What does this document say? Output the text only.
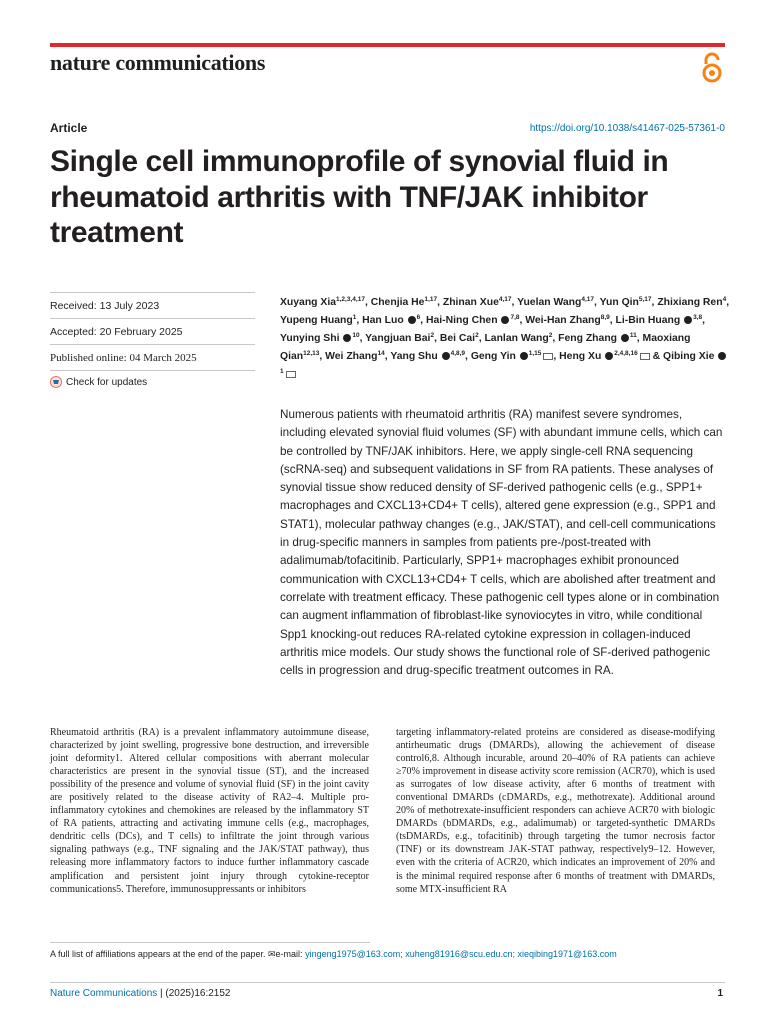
nature communications
Article	https://doi.org/10.1038/s41467-025-57361-0
Single cell immunoprofile of synovial fluid in rheumatoid arthritis with TNF/JAK inhibitor treatment
Received: 13 July 2023
Accepted: 20 February 2025
Published online: 04 March 2025
Check for updates
Xuyang Xia$^{1,2,3,4,17}$, Chenjia He$^{1,17}$, Zhinan Xue$^{4,17}$, Yuelan Wang$^{4,17}$, Yun Qin$^{5,17}$, Zhixiang Ren$^4$, Yupeng Huang$^1$, Han Luo $^6$, Hai-Ning Chen $^{7,8}$, Wei-Han Zhang$^{8,9}$, Li-Bin Huang $^{3,8}$, Yunying Shi $^{10}$, Yangjuan Bai$^2$, Bei Cai$^2$, Lanlan Wang$^2$, Feng Zhang $^{11}$, Maoxiang Qian$^{12,13}$, Wei Zhang$^{14}$, Yang Shu $^{4,8,9}$, Geng Yin $^{1,15}$ , Heng Xu $^{2,4,8,16}$ & Qibing Xie $^1$

Numerous patients with rheumatoid arthritis (RA) manifest severe syndromes, including elevated synovial fluid volumes (SF) with abundant immune cells, which can be controlled by TNF/JAK inhibitors. Here, we apply single-cell RNA sequencing (scRNA-seq) and subsequent validations in SF from RA patients. These analyses of synovial tissue show reduced density of SF-derived pathogenic cells (e.g., SPP1+ macrophages and CXCL13+CD4+ T cells), altered gene expression (e.g., SPP1 and STAT1), molecular pathway changes (e.g., JAK/STAT), and cell-cell communications in drug-specific manners in samples from patients pre-/post-treated with adalimumab/tofacitinib. Particularly, SPP1+ macrophages exhibit pronounced communication with CXCL13+CD4+ T cells, which are abolished after treatment and correlate with treatment efficacy. These pathogenic cell types alone or in combination can augment inflammation of fibroblast-like synoviocytes in vitro, while conditional Spp1 knocking-out reduces RA-related cytokine expression in collagen-induced arthritis mice models. Our study shows the functional role of SF-derived pathogenic cells in progression and drug-specific treatment outcomes in RA.

Rheumatoid arthritis (RA) is a prevalent inflammatory autoimmune disease, characterized by joint swelling, progressive bone destruction, and irreversible joint deformity1. Altered cellular compositions with aberrant molecular characteristics are present in the synovial tissue (ST), and the increased possibility of the presence and volume of synovial fluid (SF) in the joint cavity are positively related to the disease activity of RA2–4. Multiple pro-inflammatory cytokines and chemokines are released by the inflammatory ST of RA patients, attracting and activating immune cells (e.g., macrophages, dendritic cells (DCs), and T cells) to infiltrate the joint through various signaling pathways (e.g., TNF signaling and the JAK/STAT pathway), thus releasing more inflammatory factors to induce further inflammatory cascade amplification and persistent joint injury through cytokine-receptor communications5. Therefore, immunosuppressants or inhibitors

targeting inflammatory-related proteins are considered as disease-modifying antirheumatic drugs (DMARDs), allowing the achievement of disease control6,8. Although incurable, around 20–40% of RA patients can achieve ≥70% improvement in disease activity score remission (ACR70), which is used as surrogates of low disease activity, after 6 months of treatment with conventional DMARDs (cDMARDs, e.g., methotrexate). Additional around 20% of methotrexate-insufficient responders can achieve ACR70 with biologic DMARDs (bDMARDs, e.g., adalimumab) or targeted-synthetic DMARDs (tsDMARDs, e.g., tofacitinib) through targeting the tumor necrosis factor (TNF) or its downstream JAK-STAT pathway, respectively9–12. However, even with the criteria of ACR20, which indicates an improvement of 20% and is the minimal required response after 6 months of treatment with DMARDs, some MTX-insufficient RA

A full list of affiliations appears at the end of the paper. ✉e-mail: yingeng1975@163.com; xuheng81916@scu.edu.cn; xieqibing1971@163.com
Nature Communications | (2025)16:2152	1
